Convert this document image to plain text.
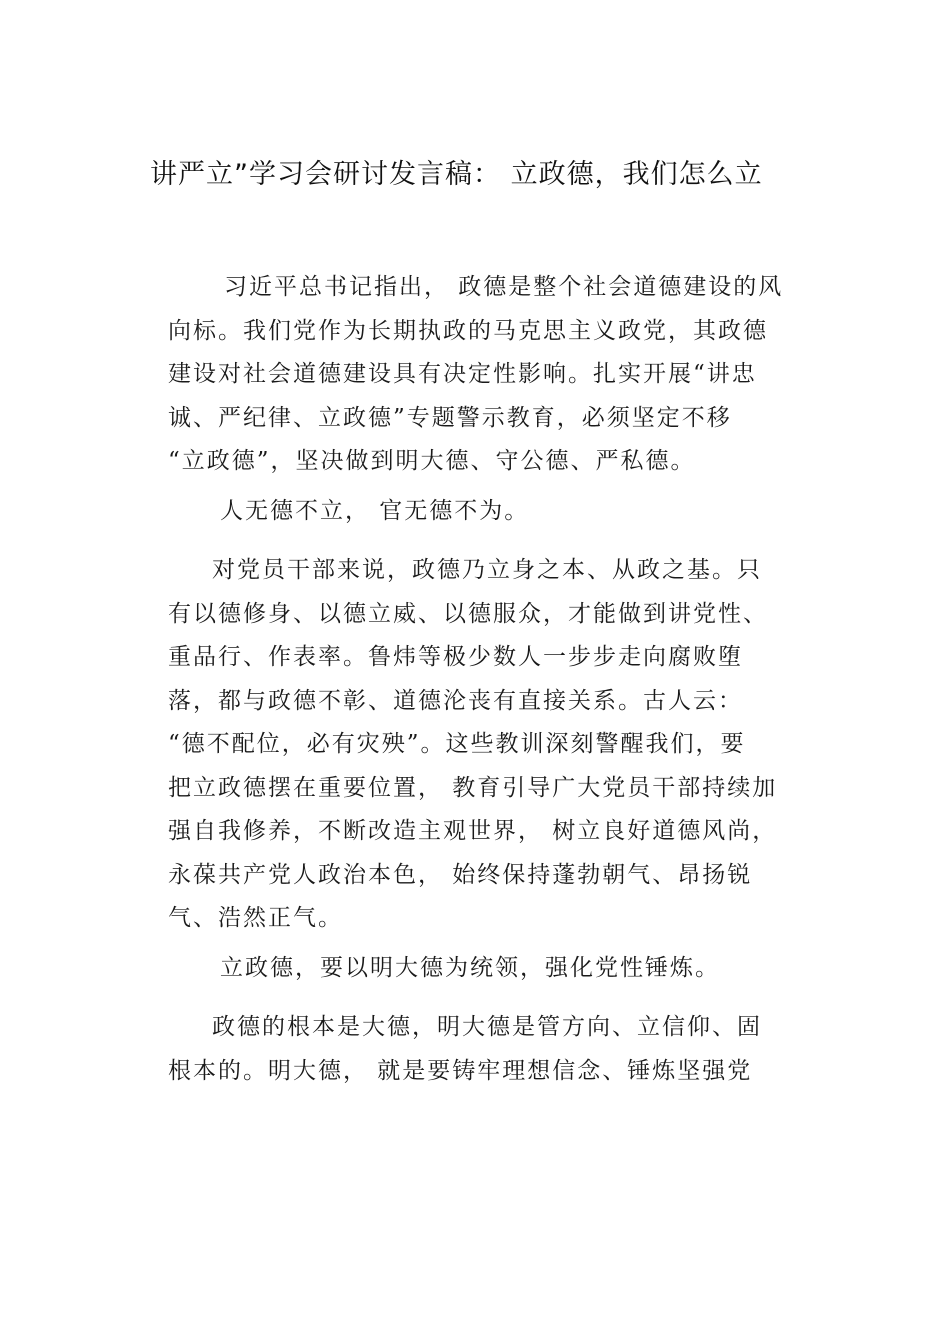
讲严立”学习会研讨发言稿： 立政德，我们怎么立

习近平总书记指出， 政德是整个社会道德建设的风
向标。我们党作为长期执政的马克思主义政党，其政德
建设对社会道德建设具有决定性影响。扎实开展“讲忠
诚、严纪律、立政德”专题警示教育，必须坚定不移
“立政德”，坚决做到明大德、守公德、严私德。

人无德不立， 官无德不为。

对党员干部来说，政德乃立身之本、从政之基。只
有以德修身、以德立威、以德服众，才能做到讲党性、
重品行、作表率。鲁炜等极少数人一步步走向腐败堕
落，都与政德不彰、道德沦丧有直接关系。古人云：
“德不配位，必有灾殃”。这些教训深刻警醒我们，要
把立政德摆在重要位置， 教育引导广大党员干部持续加
强自我修养，不断改造主观世界， 树立良好道德风尚，
永葆共产党人政治本色， 始终保持蓬勃朝气、昂扬锐
气、浩然正气。

立政德，要以明大德为统领，强化党性锤炼。

政德的根本是大德，明大德是管方向、立信仰、固
根本的。明大德， 就是要铸牢理想信念、锤炼坚强党
